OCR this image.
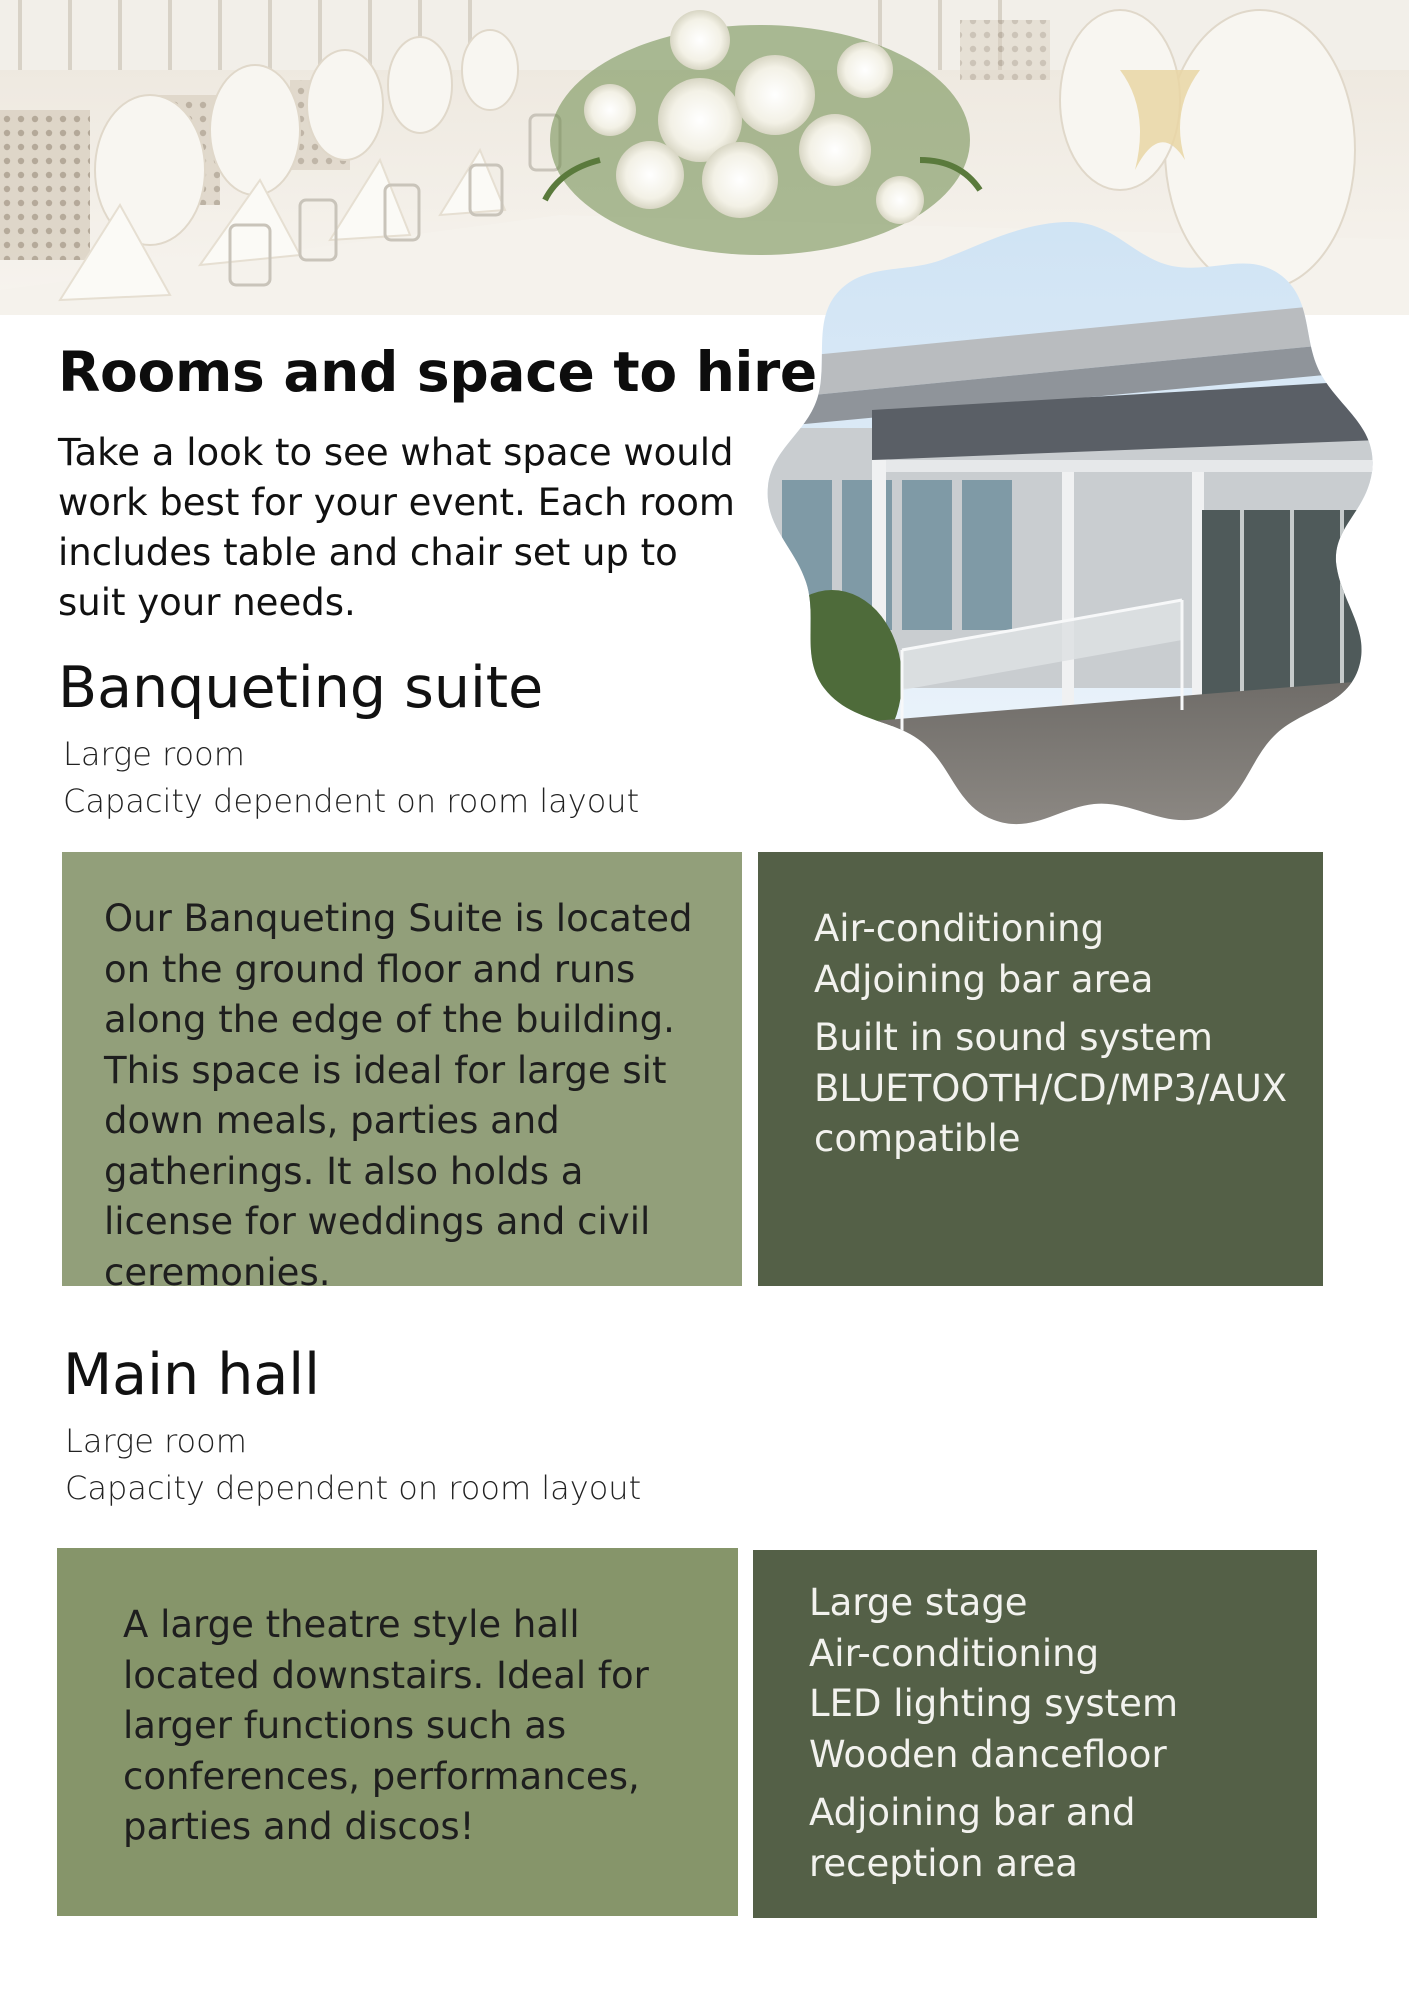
Rooms and space to hire

Take a look to see what space would work best for your event. Each room includes table and chair set up to suit your needs.

Banqueting suite
Large room
Capacity dependent on room layout

Our Banqueting Suite is located on the ground floor and runs along the edge of the building. This space is ideal for large sit down meals, parties and gatherings. It also holds a license for weddings and civil ceremonies.

Air-conditioning
Adjoining bar area
Built in sound system
BLUETOOTH/CD/MP3/AUX
compatible
Main hall
Large room
Capacity dependent on room layout

A large theatre style hall located downstairs. Ideal for larger functions such as conferences, performances, parties and discos!

Large stage
Air-conditioning
LED lighting system
Wooden dancefloor
Adjoining bar and
reception area
